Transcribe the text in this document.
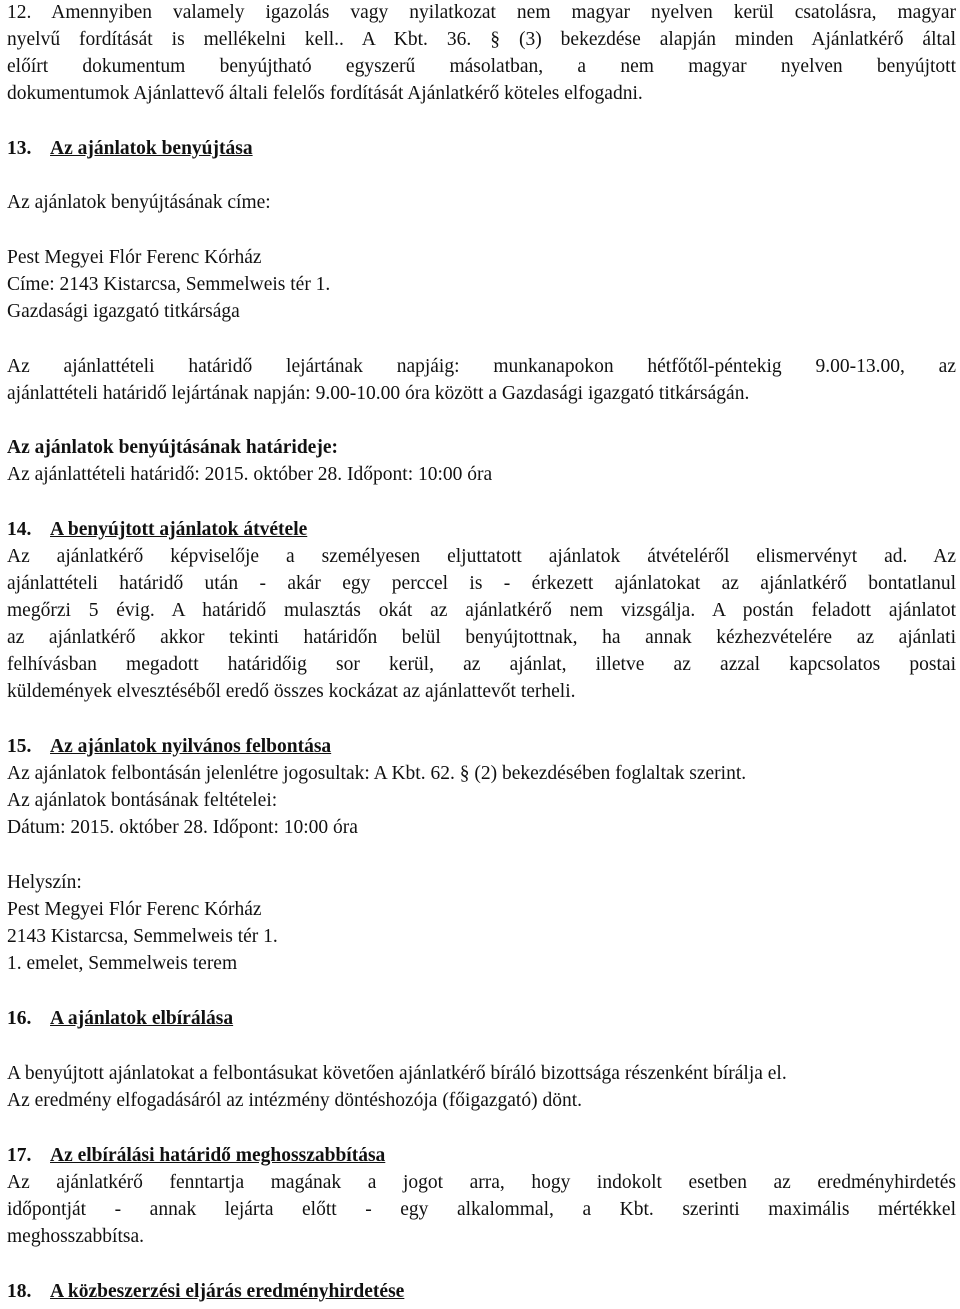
12. Amennyiben valamely igazolás vagy nyilatkozat nem magyar nyelven kerül csatolásra, magyar
nyelvű fordítását is mellékelni kell.. A Kbt. 36. § (3) bekezdése alapján minden Ajánlatkérő által
előírt dokumentum benyújtható egyszerű másolatban, a nem magyar nyelven benyújtott
dokumentumok Ajánlattevő általi felelős fordítását Ajánlatkérő köteles elfogadni.
13. Az ajánlatok benyújtása
Az ajánlatok benyújtásának címe:
Pest Megyei Flór Ferenc Kórház
Címe: 2143 Kistarcsa, Semmelweis tér 1.
Gazdasági igazgató titkársága
Az ajánlattételi határidő lejártának napjáig: munkanapokon hétfőtől-péntekig 9.00-13.00, az
ajánlattételi határidő lejártának napján: 9.00-10.00 óra között a Gazdasági igazgató titkárságán.
Az ajánlatok benyújtásának határideje:
Az ajánlattételi határidő: 2015. október 28. Időpont: 10:00 óra
14. A benyújtott ajánlatok átvétele
Az ajánlatkérő képviselője a személyesen eljuttatott ajánlatok átvételéről elismervényt ad. Az
ajánlattételi határidő után - akár egy perccel is - érkezett ajánlatokat az ajánlatkérő bontatlanul
megőrzi 5 évig. A határidő mulasztás okát az ajánlatkérő nem vizsgálja. A postán feladott ajánlatot
az ajánlatkérő akkor tekinti határidőn belül benyújtottnak, ha annak kézhezvételére az ajánlati
felhívásban megadott határidőig sor kerül, az ajánlat, illetve az azzal kapcsolatos postai
küldemények elvesztéséből eredő összes kockázat az ajánlattevőt terheli.
15. Az ajánlatok nyilvános felbontása
Az ajánlatok felbontásán jelenlétre jogosultak: A Kbt. 62. § (2) bekezdésében foglaltak szerint.
Az ajánlatok bontásának feltételei:
Dátum: 2015. október 28. Időpont: 10:00 óra
Helyszín:
Pest Megyei Flór Ferenc Kórház
2143 Kistarcsa, Semmelweis tér 1.
1. emelet, Semmelweis terem
16. A ajánlatok elbírálása
A benyújtott ajánlatokat a felbontásukat követően ajánlatkérő bíráló bizottsága részenként bírálja el.
Az eredmény elfogadásáról az intézmény döntéshozója (főigazgató) dönt.
17. Az elbírálási határidő meghosszabbítása
Az ajánlatkérő fenntartja magának a jogot arra, hogy indokolt esetben az eredményhirdetés
időpontját - annak lejárta előtt - egy alkalommal, a Kbt. szerinti maximális mértékkel
meghosszabbítsa.
18. A közbeszerzési eljárás eredményhirdetése
